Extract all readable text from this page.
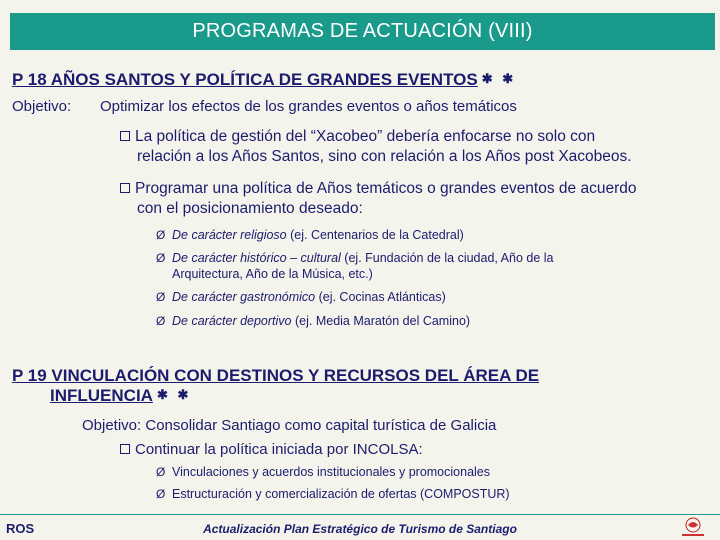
PROGRAMAS DE ACTUACIÓN (VIII)
P 18 AÑOS SANTOS Y POLÍTICA DE GRANDES EVENTOS ✱ ✱
Objetivo: Optimizar los efectos de los grandes eventos o años temáticos
La política de gestión del “Xacobeo” debería enfocarse no solo con
relación a los Años Santos, sino con relación a los Años post Xacobeos.
Programar una política de Años temáticos o grandes eventos de acuerdo
con el posicionamiento deseado:
Ø De carácter religioso (ej. Centenarios de la Catedral)
Ø De carácter histórico – cultural (ej. Fundación de la ciudad, Año de la
Arquitectura, Año de la Música, etc.)
Ø De carácter gastronómico (ej. Cocinas Atlánticas)
Ø De carácter deportivo (ej. Media Maratón del Camino)
P 19 VINCULACIÓN CON DESTINOS Y RECURSOS DEL ÁREA DE
INFLUENCIA ✱ ✱
Objetivo: Consolidar Santiago como capital turística de Galicia
Continuar la política iniciada por INCOLSA:
Ø Vinculaciones y acuerdos institucionales y promocionales
Ø Estructuración y comercialización de ofertas (COMPOSTUR)
ROS	Actualización Plan Estratégico de Turismo de Santiago
